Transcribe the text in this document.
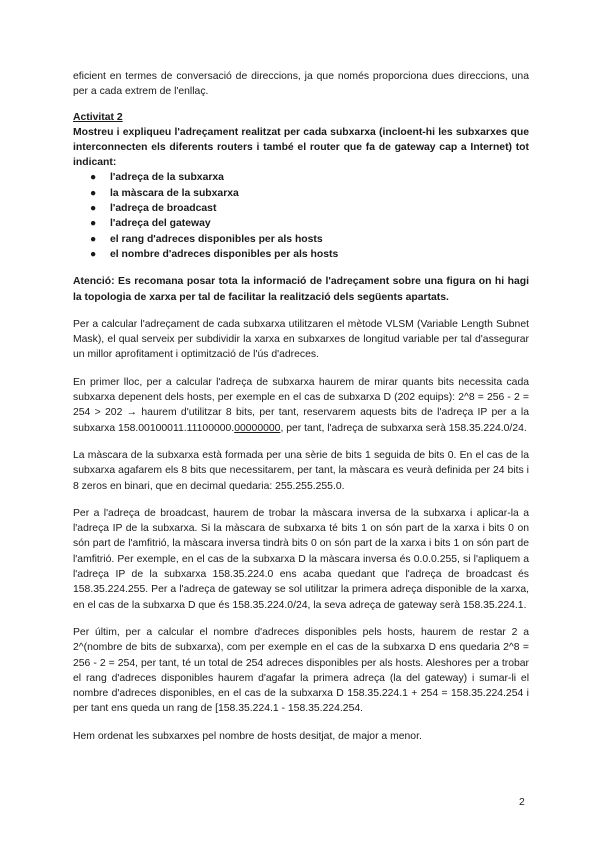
eficient en termes de conversació de direccions, ja que només proporciona dues direccions, una per a cada extrem de l'enllaç.

Activitat 2

Mostreu i expliqueu l'adreçament realitzat per cada subxarxa (incloent-hi les subxarxes que interconnecten els diferents routers i també el router que fa de gateway cap a Internet) tot indicant:

● l'adreça de la subxarxa
● la màscara de la subxarxa
● l'adreça de broadcast
● l'adreça del gateway
● el rang d'adreces disponibles per als hosts
● el nombre d'adreces disponibles per als hosts

Atenció: Es recomana posar tota la informació de l'adreçament sobre una figura on hi hagi la topologia de xarxa per tal de facilitar la realització dels següents apartats.

Per a calcular l'adreçament de cada subxarxa utilitzaren el mètode VLSM (Variable Length Subnet Mask), el qual serveix per subdividir la xarxa en subxarxes de longitud variable per tal d'assegurar un millor aprofitament i optimització de l'ús d'adreces.

En primer lloc, per a calcular l'adreça de subxarxa haurem de mirar quants bits necessita cada subxarxa depenent dels hosts, per exemple en el cas de subxarxa D (202 equips): 2^8 = 256 - 2 = 254 > 202 → haurem d'utilitzar 8 bits, per tant, reservarem aquests bits de l'adreça IP per a la subxarxa 158.00100011.11100000.00000000, per tant, l'adreça de subxarxa serà 158.35.224.0/24.

La màscara de la subxarxa està formada per una sèrie de bits 1 seguida de bits 0. En el cas de la subxarxa agafarem els 8 bits que necessitarem, per tant, la màscara es veurà definida per 24 bits i 8 zeros en binari, que en decimal quedaria: 255.255.255.0.

Per a l'adreça de broadcast, haurem de trobar la màscara inversa de la subxarxa i aplicar-la a l'adreça IP de la subxarxa. Si la màscara de subxarxa té bits 1 on són part de la xarxa i bits 0 on són part de l'amfitrió, la màscara inversa tindrà bits 0 on són part de la xarxa i bits 1 on són part de l'amfitrió. Per exemple, en el cas de la subxarxa D la màscara inversa és 0.0.0.255, si l'apliquem a l'adreça IP de la subxarxa 158.35.224.0 ens acaba quedant que l'adreça de broadcast és 158.35.224.255. Per a l'adreça de gateway se sol utilitzar la primera adreça disponible de la xarxa, en el cas de la subxarxa D que és 158.35.224.0/24, la seva adreça de gateway serà 158.35.224.1.

Per últim, per a calcular el nombre d'adreces disponibles pels hosts, haurem de restar 2 a 2^(nombre de bits de subxarxa), com per exemple en el cas de la subxarxa D ens quedaria 2^8 = 256 - 2 = 254, per tant, té un total de 254 adreces disponibles per als hosts. Aleshores per a trobar el rang d'adreces disponibles haurem d'agafar la primera adreça (la del gateway) i sumar-li el nombre d'adreces disponibles, en el cas de la subxarxa D 158.35.224.1 + 254 = 158.35.224.254 i per tant ens queda un rang de [158.35.224.1 - 158.35.224.254.

Hem ordenat les subxarxes pel nombre de hosts desitjat, de major a menor.

2
